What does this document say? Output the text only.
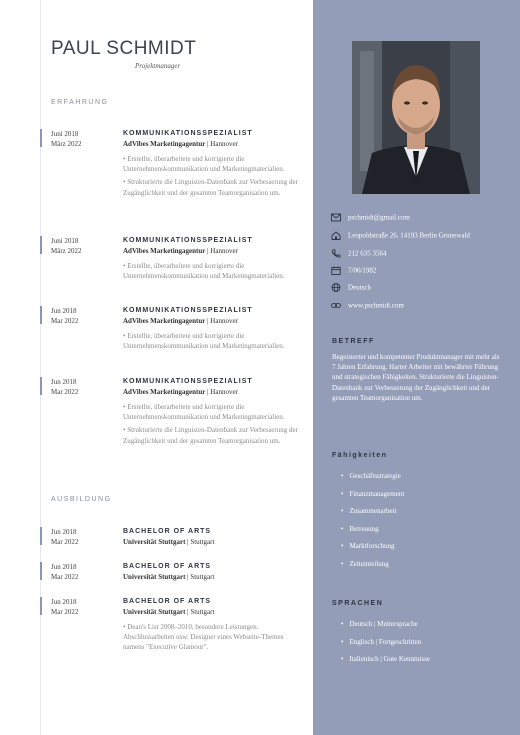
PAUL SCHMIDT
Projektmanager
ERFAHRUNG
Juni 2018
März 2022
KOMMUNIKATIONSSPEZIALIST
AdVibes Marketingagentur | Hannover
• Erstellte, überarbeitete und korrigierte die Unternehmenskommunikation und Marketingmaterialien.
• Strukturierte die Linguisten-Datenbank zur Verbesserung der Zugänglichkeit und der gesamten Teamorganisation um.
Juni 2018
März 2022
KOMMUNIKATIONSSPEZIALIST
AdVibes Marketingagentur | Hannover
• Erstellte, überarbeitete und korrigierte die Unternehmenskommunikation und Marketingmaterialien.
Jun 2018
Mar 2022
KOMMUNIKATIONSSPEZIALIST
AdVibes Marketingagentur | Hannover
• Erstellte, überarbeitete und korrigierte die Unternehmenskommunikation und Marketingmaterialien.
Jun 2018
Mar 2022
KOMMUNIKATIONSSPEZIALIST
AdVibes Marketingagentur | Hannover
• Erstellte, überarbeitete und korrigierte die Unternehmenskommunikation und Marketingmaterialien.
• Strukturierte die Linguisten-Datenbank zur Verbesserung der Zugänglichkeit und der gesamten Teamorganisation um.
AUSBILDUNG
Jun 2018
Mar 2022
BACHELOR OF ARTS
Universität Stuttgart | Stuttgart
Jun 2018
Mar 2022
BACHELOR OF ARTS
Universität Stuttgart | Stuttgart
Jun 2018
Mar 2022
BACHELOR OF ARTS
Universität Stuttgart | Stuttgart
• Dean's List 2008–2010, besondere Leistungen. Abschlussarbeiten usw. Designer eines Webseite-Themes namens "Executive Glamour".
pschmidt@gmail.com
Leopoldstraße 26, 14193 Berlin Grunewald
212 635 3564
7/06/1982
Deutsch
www.pschmidt.com
BETREFF
Begeisterter und kompetenter Produktmanager mit mehr als 7 Jahren Erfahrung. Harter Arbeiter mit bewährter Führung und strategischen Fähigkeiten. Strukturierte die Linguisten-Datenbank zur Verbesserung der Zugänglichkeit und der gesamten Teamorganisation um.
Fähigkeiten
• Geschäftsstrategie
• Finanzmanagement
• Zusammenarbeit
• Betreuung
• Marktforschung
• Zeiteinteilung
SPRACHEN
• Deutsch | Muttersprache
• Englisch | Fortgeschritten
• Italienisch | Gute Kenntnisse
